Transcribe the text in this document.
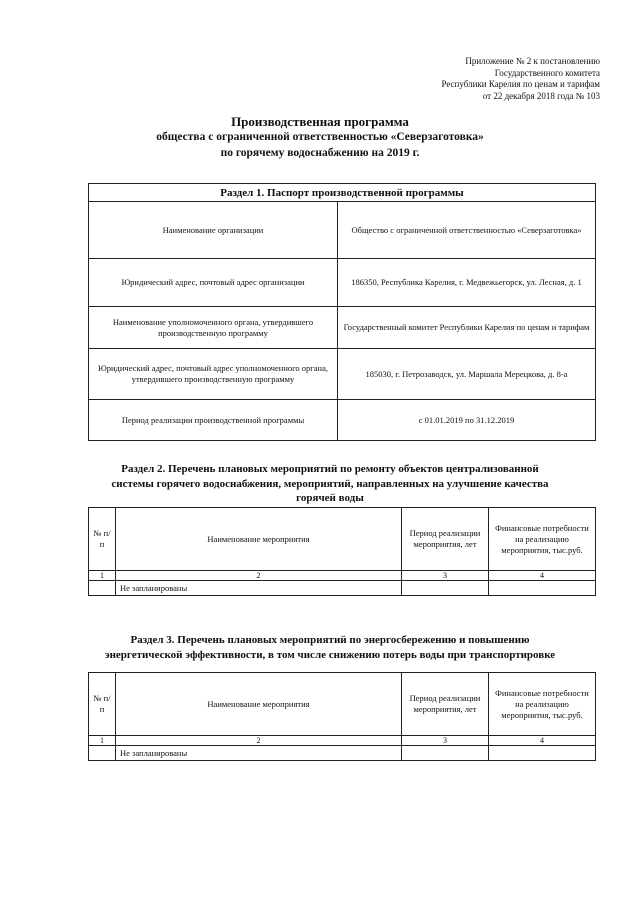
Приложение № 2 к постановлению
Государственного комитета
Республики Карелия по ценам и тарифам
от 22 декабря 2018 года № 103
Производственная программа
общества с ограниченной ответственностью «Северзаготовка»
по горячему водоснабжению на 2019 г.
Раздел 1. Паспорт производственной программы	
Наименование организации	Общество с ограниченной ответственностью «Северзаготовка»
Юридический адрес, почтовый адрес организации	186350, Республика Карелия, г. Медвежьегорск, ул. Лесная, д. 1
Наименование уполномоченного органа, утвердившего производственную программу	Государственный комитет Республики Карелия по ценам и тарифам
Юридический адрес, почтовый адрес уполномоченного органа, утвердившего производственную программу	185030, г. Петрозаводск, ул. Маршала Мерецкова, д. 8-а
Период реализации производственной программы	с 01.01.2019 по 31.12.2019
Раздел 2. Перечень плановых мероприятий по ремонту объектов централизованной
системы горячего водоснабжения, мероприятий, направленных на улучшение качества
горячей воды
№ п/п	Наименование мероприятия	Период реализации мероприятия, лет	Финансовые потребности на реализацию мероприятия, тыс.руб.
1	2	3	4
	Не запланированы		
Раздел 3. Перечень плановых мероприятий по энергосбережению и повышению
энергетической эффективности, в том числе снижению потерь воды при транспортировке
№ п/п	Наименование мероприятия	Период реализации мероприятия, лет	Финансовые потребности на реализацию мероприятия, тыс.руб.
1	2	3	4
	Не запланированы		
